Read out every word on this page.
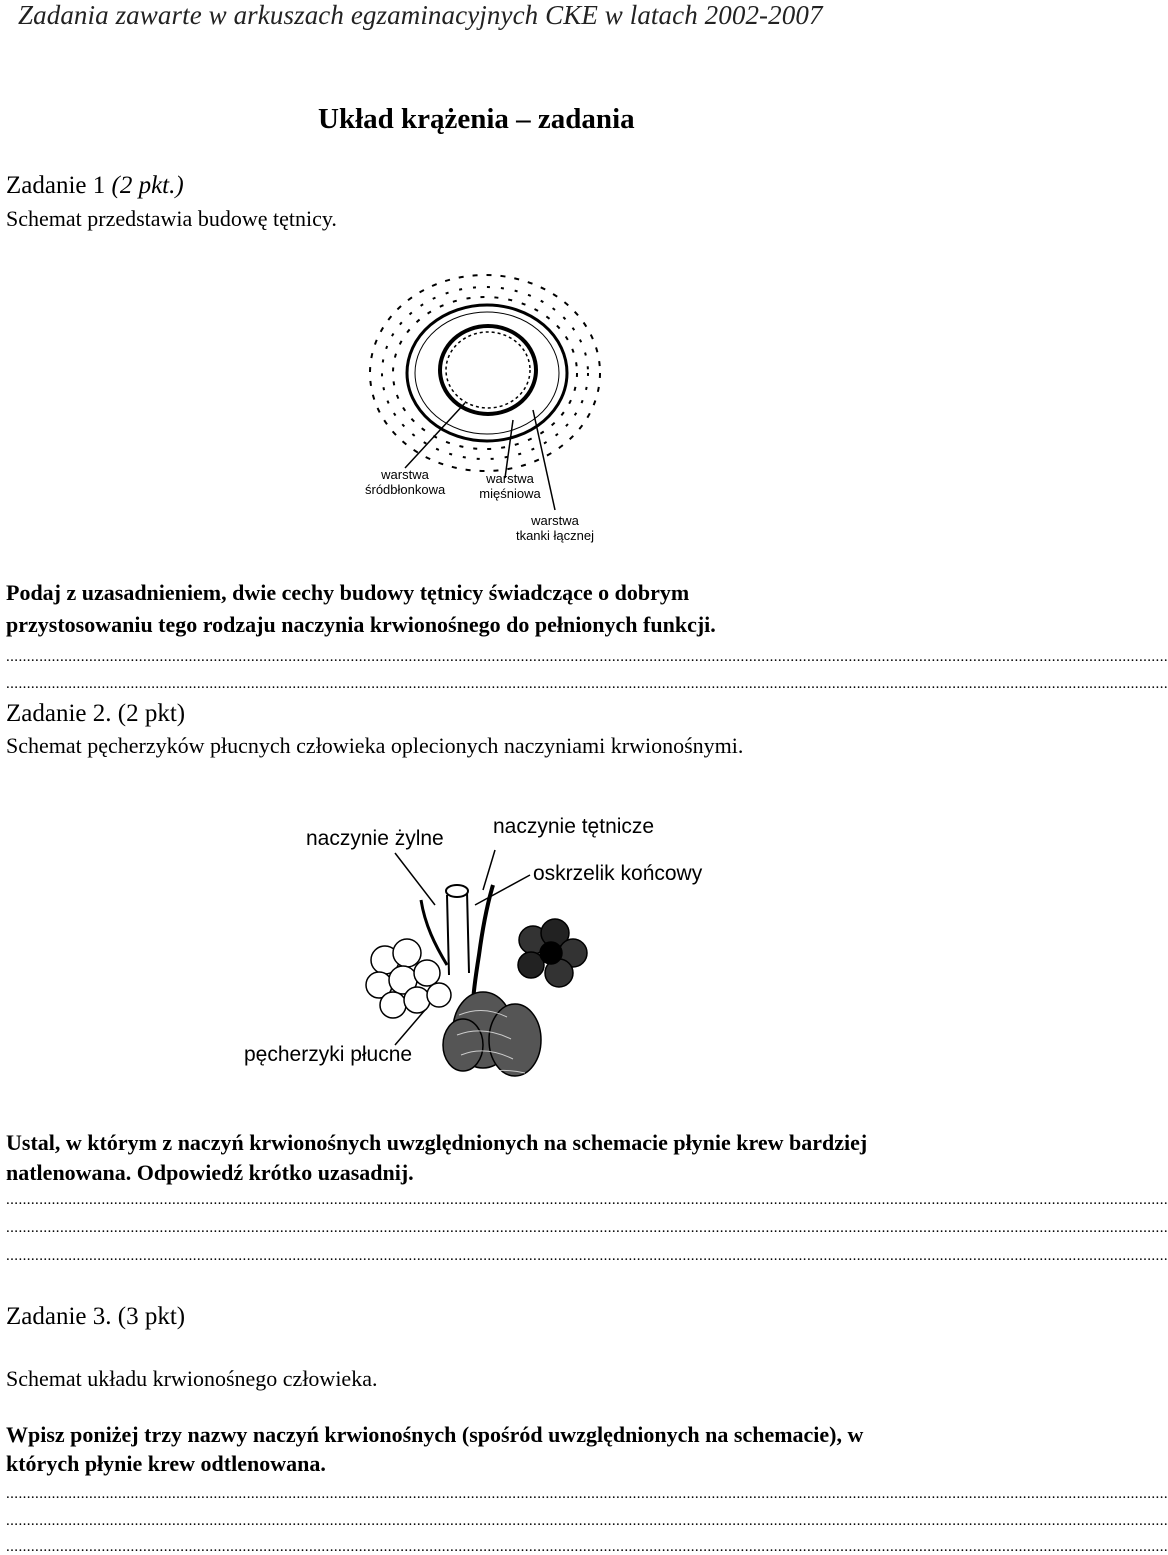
Zadania zawarte w arkuszach egzaminacyjnych CKE w latach 2002-2007
Układ krążenia – zadania
Zadanie 1 (2 pkt.)
Schemat przedstawia budowę tętnicy.
warstwa
śródbłonkowa
warstwa
mięśniowa
warstwa
tkanki łącznej
Podaj z uzasadnieniem, dwie cechy budowy tętnicy świadczące o dobrym
przystosowaniu tego rodzaju naczynia krwionośnego do pełnionych funkcji.
........................................................................................................................................................................................................................................................................................
........................................................................................................................................................................................................................................................................................
Zadanie 2. (2 pkt)
Schemat pęcherzyków płucnych człowieka oplecionych naczyniami krwionośnymi.
naczynie żylne
naczynie tętnicze
oskrzelik końcowy
pęcherzyki płucne
Ustal, w którym z naczyń krwionośnych uwzględnionych na schemacie płynie krew bardziej
natlenowana. Odpowiedź krótko uzasadnij.
........................................................................................................................................................................................................................................................................................
........................................................................................................................................................................................................................................................................................
........................................................................................................................................................................................................................................................................................
Zadanie 3. (3 pkt)
Schemat układu krwionośnego człowieka.
Wpisz poniżej trzy nazwy naczyń krwionośnych (spośród uwzględnionych na schemacie), w
których płynie krew odtlenowana.
........................................................................................................................................................................................................................................................................................
........................................................................................................................................................................................................................................................................................
........................................................................................................................................................................................................................................................................................
